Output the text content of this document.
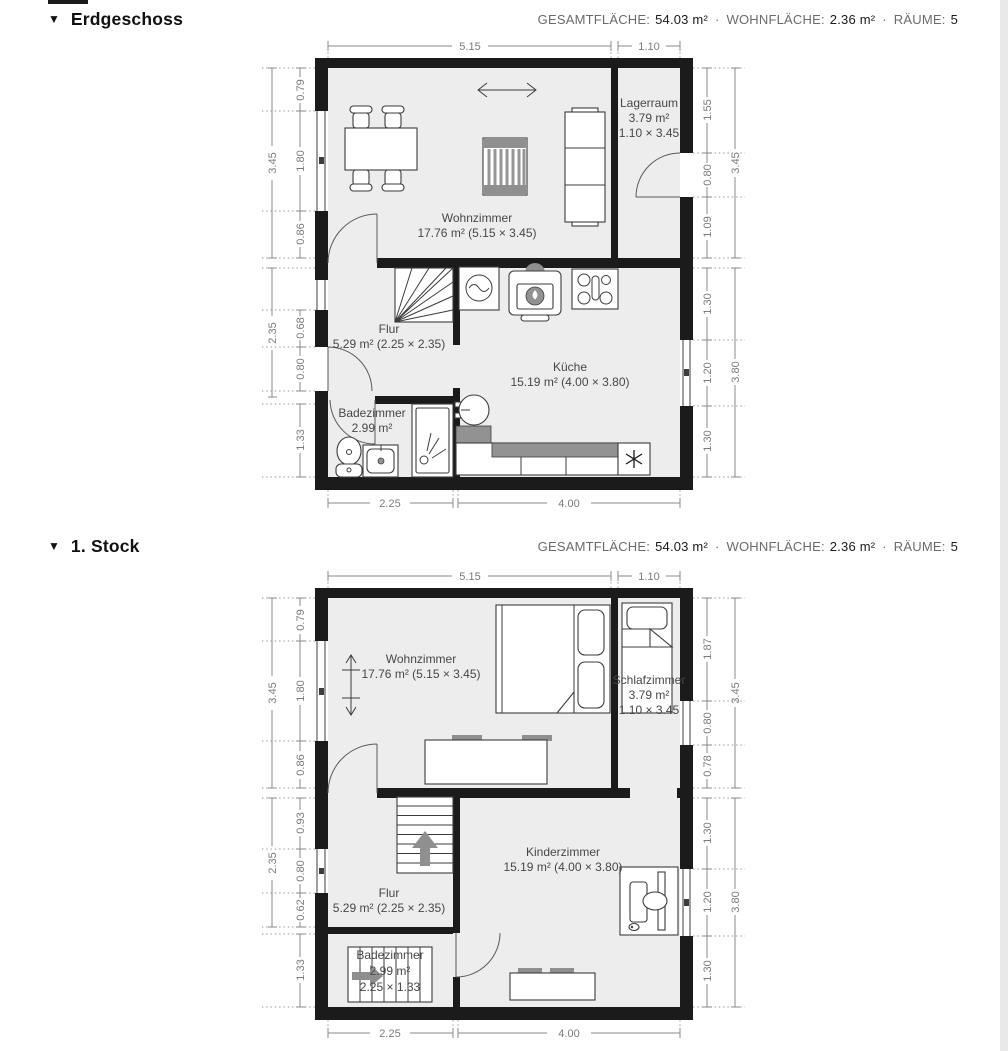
▼ Erdgeschoss	GESAMTFLÄCHE: 54.03 m² · WOHNFLÄCHE: 2.36 m² · RÄUME: 5
Wohnzimmer
17.76 m² (5.15 × 3.45)
Lagerraum
3.79 m²
1.10 × 3.45
Flur
5.29 m² (2.25 × 2.35)
Küche
15.19 m² (4.00 × 3.80)
Badezimmer
2.99 m²
5.15	1.10
2.25	4.00
3.45
2.35
0.79
1.80
0.86
0.68
0.80
1.33
1.55
0.80
1.09
1.30
1.20
1.30
3.45
3.80
▼ 1. Stock	GESAMTFLÄCHE: 54.03 m² · WOHNFLÄCHE: 2.36 m² · RÄUME: 5
Wohnzimmer
17.76 m² (5.15 × 3.45)	Schlafzimmer
3.79 m²
1.10 × 3.45
Flur
5.29 m² (2.25 × 2.35)
Kinderzimmer
15.19 m² (4.00 × 3.80)
Badezimmer
2.99 m²
2.25 × 1.33
5.15	1.10
2.25	4.00
3.45
2.35
0.79
1.80
0.86
0.93
0.80
0.62
1.33
1.87
0.80
0.78
1.30
1.20
1.30
3.45
3.80
